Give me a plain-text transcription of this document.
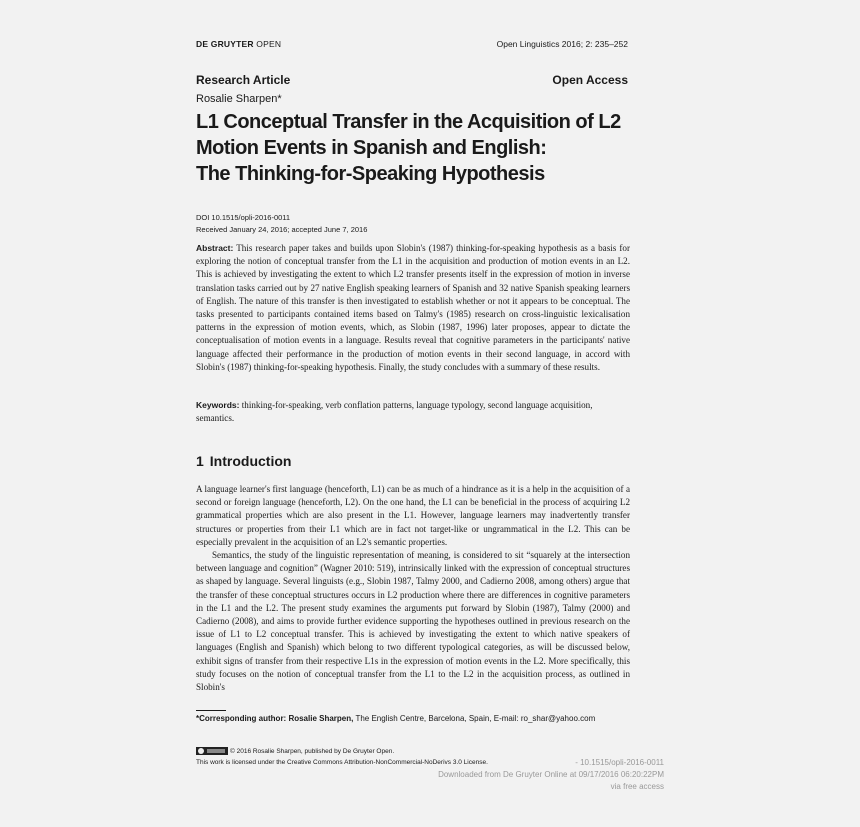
DE GRUYTER OPEN	Open Linguistics 2016; 2: 235–252
Research Article	Open Access
Rosalie Sharpen*
L1 Conceptual Transfer in the Acquisition of L2
Motion Events in Spanish and English:
The Thinking-for-Speaking Hypothesis
DOI 10.1515/opli-2016-0011
Received January 24, 2016; accepted June 7, 2016
Abstract: This research paper takes and builds upon Slobin's (1987) thinking-for-speaking hypothesis as a basis for exploring the notion of conceptual transfer from the L1 in the acquisition and production of motion events in an L2. This is achieved by investigating the extent to which L2 transfer presents itself in the expression of motion in inverse translation tasks carried out by 27 native English speaking learners of Spanish and 32 native Spanish speaking learners of English. The nature of this transfer is then investigated to establish whether or not it appears to be conceptual. The tasks presented to participants contained items based on Talmy's (1985) research on cross-linguistic lexicalisation patterns in the expression of motion events, which, as Slobin (1987, 1996) later proposes, appear to dictate the conceptualisation of motion events in a language. Results reveal that cognitive parameters in the participants' native language affected their performance in the production of motion events in their second language, in accord with Slobin's (1987) thinking-for-speaking hypothesis. Finally, the study concludes with a summary of these results.
Keywords: thinking-for-speaking, verb conflation patterns, language typology, second language acquisition, semantics.
1 Introduction

A language learner's first language (henceforth, L1) can be as much of a hindrance as it is a help in the acquisition of a second or foreign language (henceforth, L2). On the one hand, the L1 can be beneficial in the process of acquiring L2 grammatical properties which are also present in the L1. However, language learners may inadvertently transfer structures or properties from their L1 which are in fact not target-like or ungrammatical in the L2. This can be especially prevalent in the acquisition of an L2's semantic properties.

Semantics, the study of the linguistic representation of meaning, is considered to sit “squarely at the intersection between language and cognition” (Wagner 2010: 519), intrinsically linked with the expression of conceptual structures as shaped by language. Several linguists (e.g., Slobin 1987, Talmy 2000, and Cadierno 2008, among others) argue that the transfer of these conceptual structures occurs in L2 production where there are differences in cognitive parameters in the L1 and the L2. The present study examines the arguments put forward by Slobin (1987), Talmy (2000) and Cadierno (2008), and aims to provide further evidence supporting the hypotheses outlined in previous research on the issue of L1 to L2 conceptual transfer. This is achieved by investigating the extent to which native speakers of languages (English and Spanish) which belong to two different typological categories, as will be discussed below, exhibit signs of transfer from their respective L1s in the expression of motion events in the L2. More specifically, this study focuses on the notion of conceptual transfer from the L1 to the L2 in the acquisition process, as outlined in Slobin's

*Corresponding author: Rosalie Sharpen, The English Centre, Barcelona, Spain, E-mail: ro_shar@yahoo.com
© 2016 Rosalie Sharpen, published by De Gruyter Open.
This work is licensed under the Creative Commons Attribution-NonCommercial-NoDerivs 3.0 License.	- 10.1515/opli-2016-0011
Downloaded from De Gruyter Online at 09/17/2016 06:20:22PM
via free access
